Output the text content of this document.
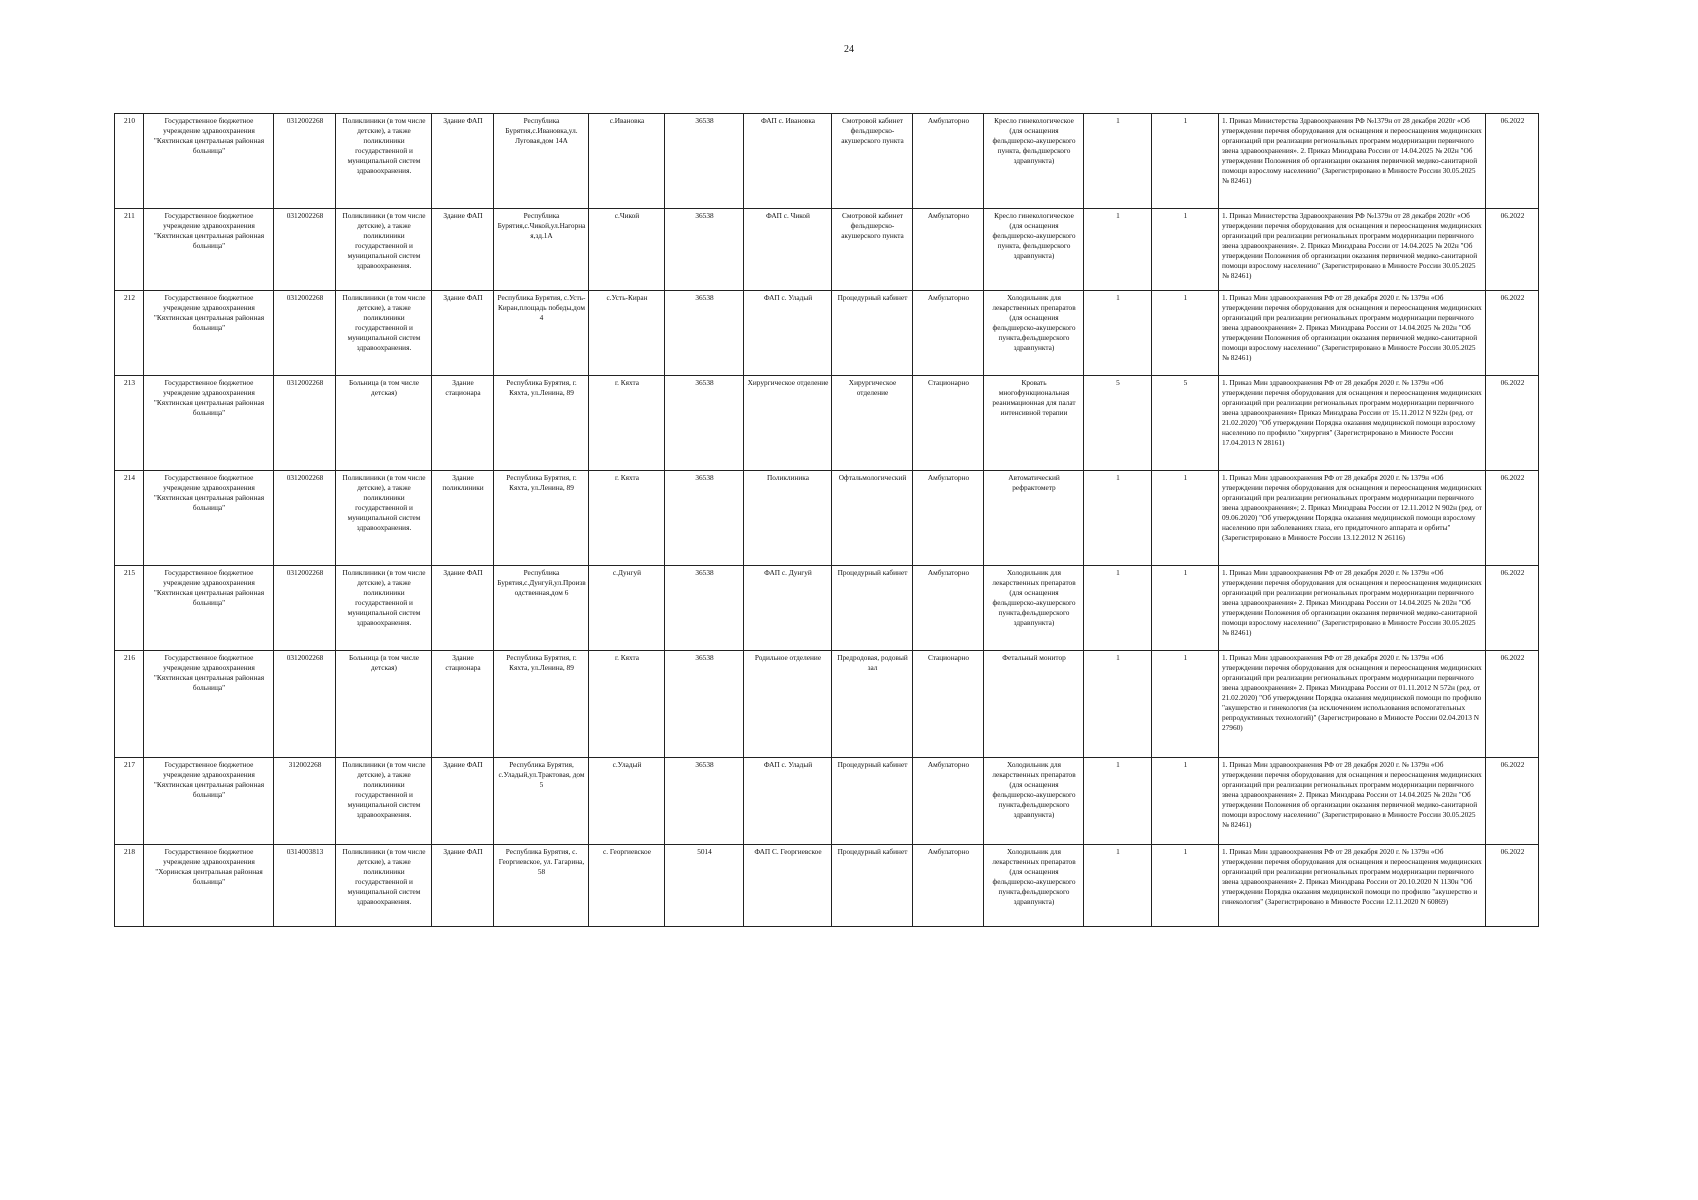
24
210	Государственное бюджетное учреждение здравоохранения "Кяхтинская центральная районная больница"	0312002268	Поликлиники (в том числе детские), а также поликлиники государственной и муниципальной систем здравоохранения.	Здание ФАП	Республика Бурятия,с.Ивановка,ул. Луговая,дом 14А	с.Ивановка	36538	ФАП с. Ивановка	Смотровой кабинет фельдшерско-акушерского пункта	Амбулаторно	Кресло гинекологическое (для оснащения фельдшерско-акушерского пункта, фельдшерского здравпункта)	1	1	1. Приказ Министерства Здравоохранения РФ №1379н от 28 декабря 2020г «Об утверждении перечня оборудования для оснащения и переоснащения медицинских организаций при реализации региональных программ модернизации первичного звена здравоохранения». 2. Приказ Минздрава России от 14.04.2025 № 202н "Об утверждении Положения об организации оказания первичной медико-санитарной помощи взрослому населению" (Зарегистрировано в Минюсте России 30.05.2025 № 82461)	06.2022
211	Государственное бюджетное учреждение здравоохранения "Кяхтинская центральная районная больница"	0312002268	Поликлиники (в том числе детские), а также поликлиники государственной и муниципальной систем здравоохранения.	Здание ФАП	Республика Бурятия,с.Чикой,ул.Нагорная,зд.1А	с.Чикой	36538	ФАП с. Чикой	Смотровой кабинет фельдшерско-акушерского пункта	Амбулаторно	Кресло гинекологическое (для оснащения фельдшерско-акушерского пункта, фельдшерского здравпункта)	1	1	1. Приказ Министерства Здравоохранения РФ №1379н от 28 декабря 2020г «Об утверждении перечня оборудования для оснащения и переоснащения медицинских организаций при реализации региональных программ модернизации первичного звена здравоохранения». 2. Приказ Минздрава России от 14.04.2025 № 202н "Об утверждении Положения об организации оказания первичной медико-санитарной помощи взрослому населению" (Зарегистрировано в Минюсте России 30.05.2025 № 82461)	06.2022
212	Государственное бюджетное учреждение здравоохранения "Кяхтинская центральная районная больница"	0312002268	Поликлиники (в том числе детские), а также поликлиники государственной и муниципальной систем здравоохранения.	Здание ФАП	Республика Бурятия, с.Усть-Киран,площадь победы,дом 4	с.Усть-Киран	36538	ФАП с. Уладый	Процедурный кабинет	Амбулаторно	Холодильник для лекарственных препаратов (для оснащения фельдшерско-акушерского пункта,фельдшерского здравпункта)	1	1	1. Приказ Мин здравоохранения РФ от 28 декабря 2020 г. № 1379н «Об утверждении перечня оборудования для оснащения и переоснащения медицинских организаций при реализации региональных программ модернизации первичного звена здравоохранения» 2. Приказ Минздрава России от 14.04.2025 № 202н "Об утверждении Положения об организации оказания первичной медико-санитарной помощи взрослому населению" (Зарегистрировано в Минюсте России 30.05.2025 № 82461)	06.2022
213	Государственное бюджетное учреждение здравоохранения "Кяхтинская центральная районная больница"	0312002268	Больница (в том числе детская)	Здание стационара	Республика Бурятия, г. Кяхта, ул.Ленина, 89	г. Кяхта	36538	Хирургическое отделение	Хирургическое отделение	Стационарно	Кровать многофункциональная реанимационная для палат интенсивной терапии	5	5	1. Приказ Мин здравоохранения РФ от 28 декабря 2020 г. № 1379н «Об утверждении перечня оборудования для оснащения и переоснащения медицинских организаций при реализации региональных программ модернизации первичного звена здравоохранения» Приказ Минздрава России от 15.11.2012 N 922н (ред. от 21.02.2020) "Об утверждении Порядка оказания медицинской помощи взрослому населению по профилю "хирургия" (Зарегистрировано в Минюсте России 17.04.2013 N 28161)	06.2022
214	Государственное бюджетное учреждение здравоохранения "Кяхтинская центральная районная больница"	0312002268	Поликлиники (в том числе детские), а также поликлиники государственной и муниципальной систем здравоохранения.	Здание поликлиники	Республика Бурятия, г. Кяхта, ул.Ленина, 89	г. Кяхта	36538	Поликлиника	Офтальмологический	Амбулаторно	Автоматический рефрактометр	1	1	1. Приказ Мин здравоохранения РФ от 28 декабря 2020 г. № 1379н «Об утверждении перечня оборудования для оснащения и переоснащения медицинских организаций при реализации региональных программ модернизации первичного звена здравоохранения»; 2. Приказ Минздрава России от 12.11.2012 N 902н (ред. от 09.06.2020) "Об утверждении Порядка оказания медицинской помощи взрослому населению при заболеваниях глаза, его придаточного аппарата и орбиты" (Зарегистрировано в Минюсте России 13.12.2012 N 26116)	06.2022
215	Государственное бюджетное учреждение здравоохранения "Кяхтинская центральная районная больница"	0312002268	Поликлиники (в том числе детские), а также поликлиники государственной и муниципальной систем здравоохранения.	Здание ФАП	Республика Бурятия,с.Дунгуй,ул.Производственная,дом 6	с.Дунгуй	36538	ФАП с. Дунгуй	Процедурный кабинет	Амбулаторно	Холодильник для лекарственных препаратов (для оснащения фельдшерско-акушерского пункта,фельдшерского здравпункта)	1	1	1. Приказ Мин здравоохранения РФ от 28 декабря 2020 г. № 1379н «Об утверждении перечня оборудования для оснащения и переоснащения медицинских организаций при реализации региональных программ модернизации первичного звена здравоохранения» 2. Приказ Минздрава России от 14.04.2025 № 202н "Об утверждении Положения об организации оказания первичной медико-санитарной помощи взрослому населению" (Зарегистрировано в Минюсте России 30.05.2025 № 82461)	06.2022
216	Государственное бюджетное учреждение здравоохранения "Кяхтинская центральная районная больница"	0312002268	Больница (в том числе детская)	Здание стационара	Республика Бурятия, г. Кяхта, ул.Ленина, 89	г. Кяхта	36538	Родильное отделение	Предродовая, родовый зал	Стационарно	Фетальный монитор	1	1	1. Приказ Мин здравоохранения РФ от 28 декабря 2020 г. № 1379н «Об утверждении перечня оборудования для оснащения и переоснащения медицинских организаций при реализации региональных программ модернизации первичного звена здравоохранения» 2. Приказ Минздрава России от 01.11.2012 N 572н (ред. от 21.02.2020) "Об утверждении Порядка оказания медицинской помощи по профилю "акушерство и гинекология (за исключением использования вспомогательных репродуктивных технологий)" (Зарегистрировано в Минюсте России 02.04.2013 N 27960)	06.2022
217	Государственное бюджетное учреждение здравоохранения "Кяхтинская центральная районная больница"	312002268	Поликлиники (в том числе детские), а также поликлиники государственной и муниципальной систем здравоохранения.	Здание ФАП	Республика Бурятия, с.Уладый,ул.Трактовая, дом 5	с.Уладый	36538	ФАП с. Уладый	Процедурный кабинет	Амбулаторно	Холодильник для лекарственных препаратов (для оснащения фельдшерско-акушерского пункта,фельдшерского здравпункта)	1	1	1. Приказ Мин здравоохранения РФ от 28 декабря 2020 г. № 1379н «Об утверждении перечня оборудования для оснащения и переоснащения медицинских организаций при реализации региональных программ модернизации первичного звена здравоохранения» 2. Приказ Минздрава России от 14.04.2025 № 202н "Об утверждении Положения об организации оказания первичной медико-санитарной помощи взрослому населению" (Зарегистрировано в Минюсте России 30.05.2025 № 82461)	06.2022
218	Государственное бюджетное учреждение здравоохранения "Хоринская центральная районная больница"	0314003813	Поликлиники (в том числе детские), а также поликлиники государственной и муниципальной систем здравоохранения.	Здание ФАП	Республика Бурятия, с. Георгиевское, ул. Гагарина, 58	с. Георгиевское	5014	ФАП С. Георгиевское	Процедурный кабинет	Амбулаторно	Холодильник для лекарственных препаратов (для оснащения фельдшерско-акушерского пункта,фельдшерского здравпункта)	1	1	1. Приказ Мин здравоохранения РФ от 28 декабря 2020 г. № 1379н «Об утверждении перечня оборудования для оснащения и переоснащения медицинских организаций при реализации региональных программ модернизации первичного звена здравоохранения» 2. Приказ Минздрава России от 20.10.2020 N 1130н "Об утверждении Порядка оказания медицинской помощи по профилю "акушерство и гинекология" (Зарегистрировано в Минюсте России 12.11.2020 N 60869)	06.2022
